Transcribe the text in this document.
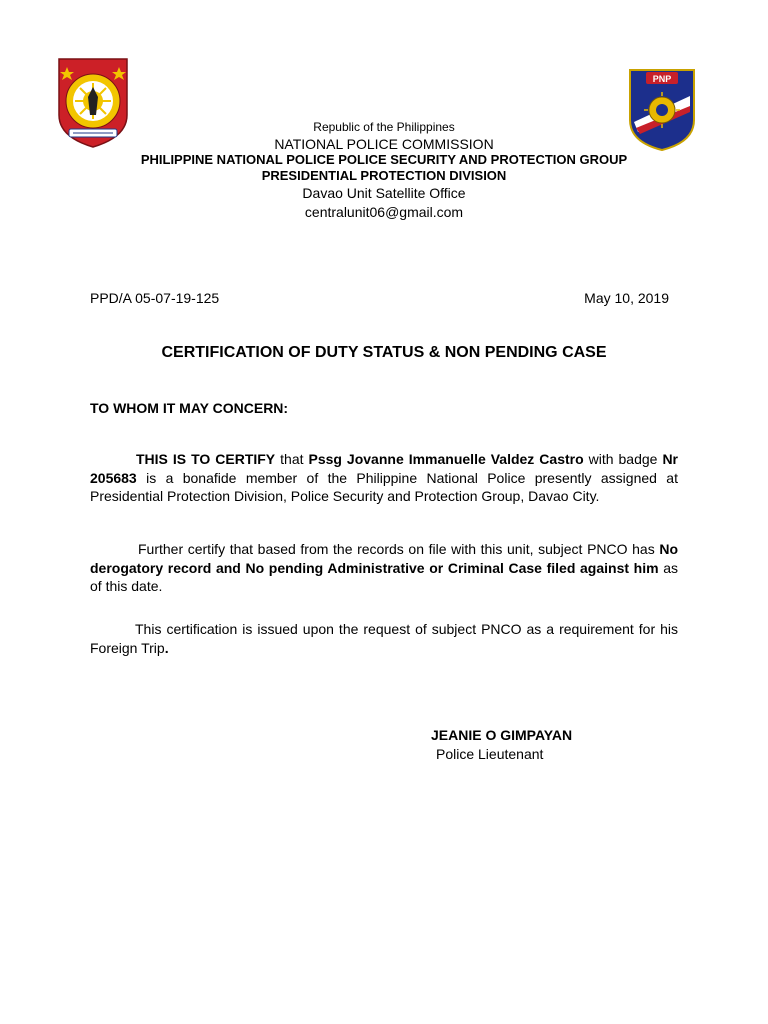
PNP
Republic of the Philippines
NATIONAL POLICE COMMISSION
PHILIPPINE NATIONAL POLICE POLICE SECURITY AND PROTECTION GROUP
PRESIDENTIAL PROTECTION DIVISION
Davao Unit Satellite Office
centralunit06@gmail.com
PPD/A 05-07-19-125	May 10, 2019
CERTIFICATION OF DUTY STATUS & NON PENDING CASE
TO WHOM IT MAY CONCERN:
THIS IS TO CERTIFY that Pssg Jovanne Immanuelle Valdez Castro with badge Nr 205683 is a bonafide member of the Philippine National Police presently assigned at Presidential Protection Division, Police Security and Protection Group, Davao City.
Further certify that based from the records on file with this unit, subject PNCO has No derogatory record and No pending Administrative or Criminal Case filed against him as of this date.
This certification is issued upon the request of subject PNCO as a requirement for his Foreign Trip.
JEANIE O GIMPAYAN
Police Lieutenant
